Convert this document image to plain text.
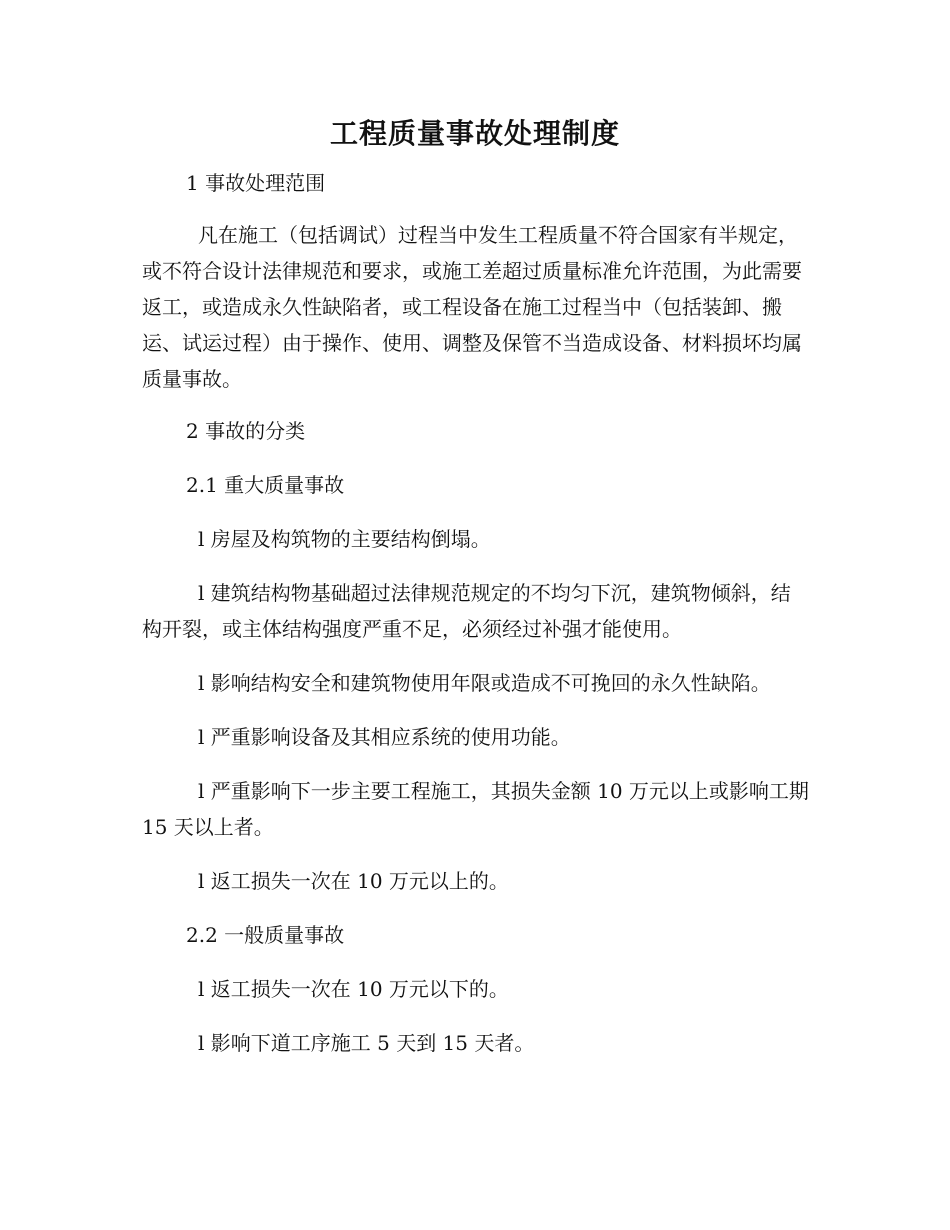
工程质量事故处理制度

1 事故处理范围

凡在施工（包括调试）过程当中发生工程质量不符合国家有半规定，或不符合设计法律规范和要求，或施工差超过质量标准允许范围，为此需要返工，或造成永久性缺陷者，或工程设备在施工过程当中（包括装卸、搬运、试运过程）由于操作、使用、调整及保管不当造成设备、材料损坏均属质量事故。

2 事故的分类

2.1 重大质量事故

l 房屋及构筑物的主要结构倒塌。

l 建筑结构物基础超过法律规范规定的不均匀下沉，建筑物倾斜，结构开裂，或主体结构强度严重不足，必须经过补强才能使用。

l 影响结构安全和建筑物使用年限或造成不可挽回的永久性缺陷。

l 严重影响设备及其相应系统的使用功能。

l 严重影响下一步主要工程施工，其损失金额 10 万元以上或影响工期 15 天以上者。

l 返工损失一次在 10 万元以上的。

2.2 一般质量事故

l 返工损失一次在 10 万元以下的。

l 影响下道工序施工 5 天到 15 天者。
